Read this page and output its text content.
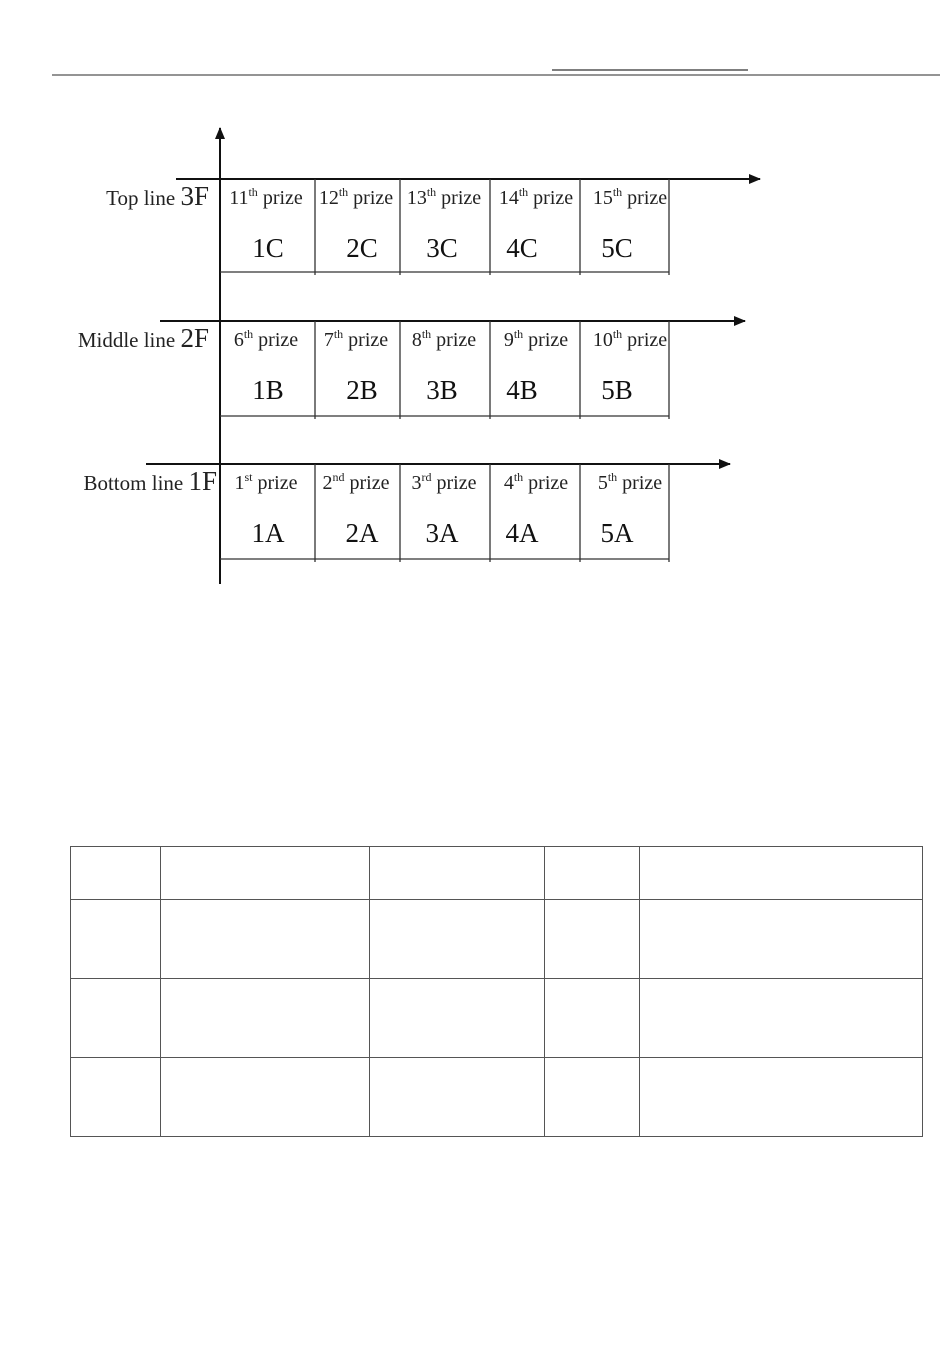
Top line 3F 11th prize
1C
12th prize
2C
13th prize
3C
14th prize
4C
15th prize
5C
Middle line 2F 6th prize
1B
7th prize
2B
8th prize
3B
9th prize
4B
10th prize
5B
Bottom line 1F 1st prize
1A
2nd prize
2A
3rd prize
3A
4th prize
4A
5th prize
5A
